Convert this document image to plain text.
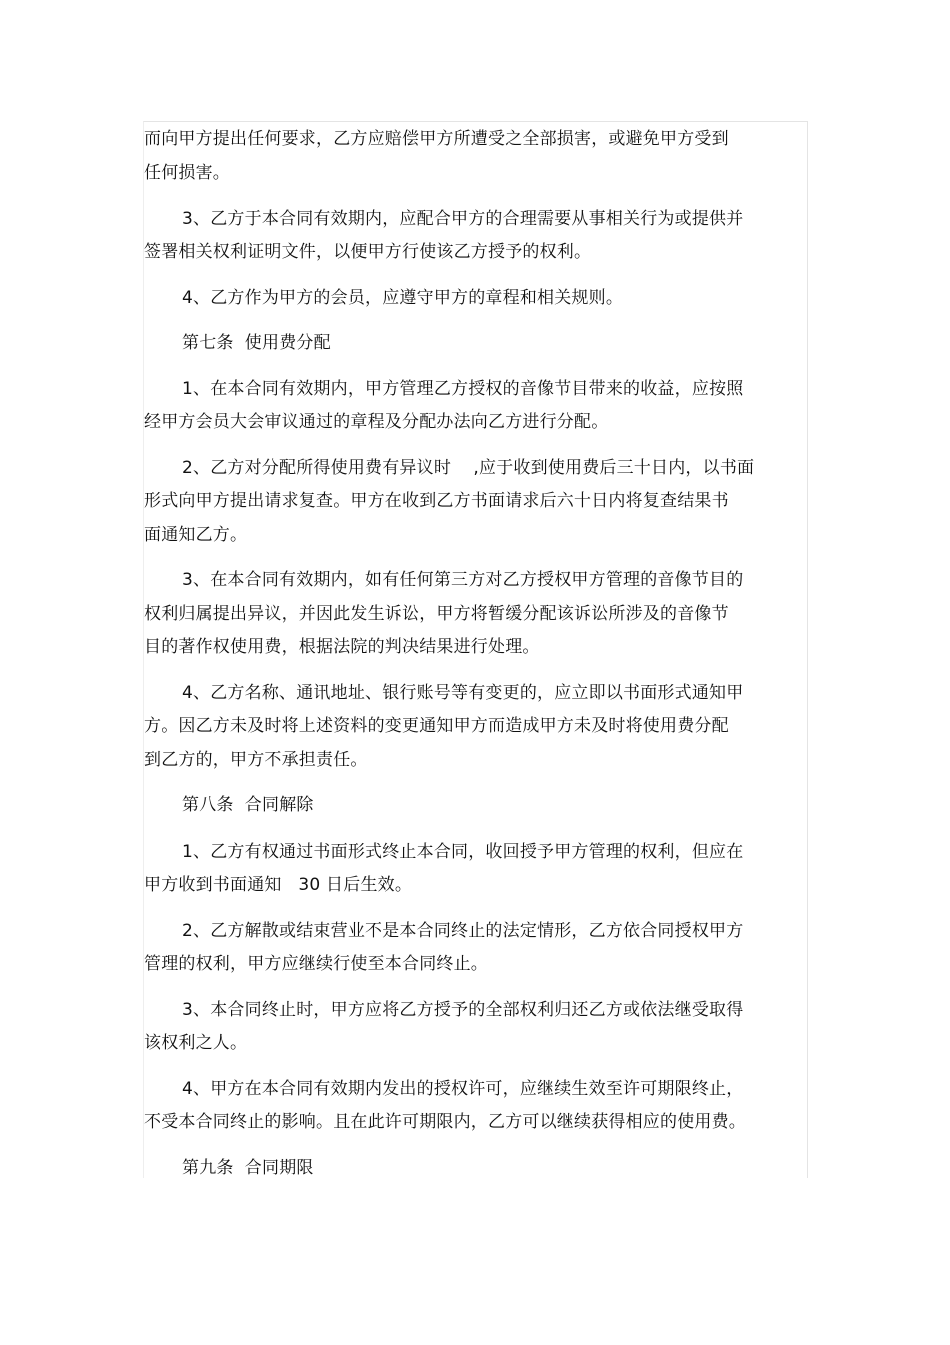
而向甲方提出任何要求，乙方应赔偿甲方所遭受之全部损害，或避免甲方受到
任何损害。
3、乙方于本合同有效期内，应配合甲方的合理需要从事相关行为或提供并
签署相关权利证明文件，以便甲方行使该乙方授予的权利。
4、乙方作为甲方的会员，应遵守甲方的章程和相关规则。
第七条  使用费分配
1、在本合同有效期内，甲方管理乙方授权的音像节目带来的收益，应按照
经甲方会员大会审议通过的章程及分配办法向乙方进行分配。
2、乙方对分配所得使用费有异议时    ,应于收到使用费后三十日内，以书面
形式向甲方提出请求复查。甲方在收到乙方书面请求后六十日内将复查结果书
面通知乙方。
3、在本合同有效期内，如有任何第三方对乙方授权甲方管理的音像节目的
权利归属提出异议，并因此发生诉讼，甲方将暂缓分配该诉讼所涉及的音像节
目的著作权使用费，根据法院的判决结果进行处理。
4、乙方名称、通讯地址、银行账号等有变更的，应立即以书面形式通知甲
方。因乙方未及时将上述资料的变更通知甲方而造成甲方未及时将使用费分配
到乙方的，甲方不承担责任。
第八条  合同解除
1、乙方有权通过书面形式终止本合同，收回授予甲方管理的权利，但应在
甲方收到书面通知   30 日后生效。
2、乙方解散或结束营业不是本合同终止的法定情形，乙方依合同授权甲方
管理的权利，甲方应继续行使至本合同终止。
3、本合同终止时，甲方应将乙方授予的全部权利归还乙方或依法继受取得
该权利之人。
4、甲方在本合同有效期内发出的授权许可，应继续生效至许可期限终止，
不受本合同终止的影响。且在此许可期限内，乙方可以继续获得相应的使用费。
第九条  合同期限
